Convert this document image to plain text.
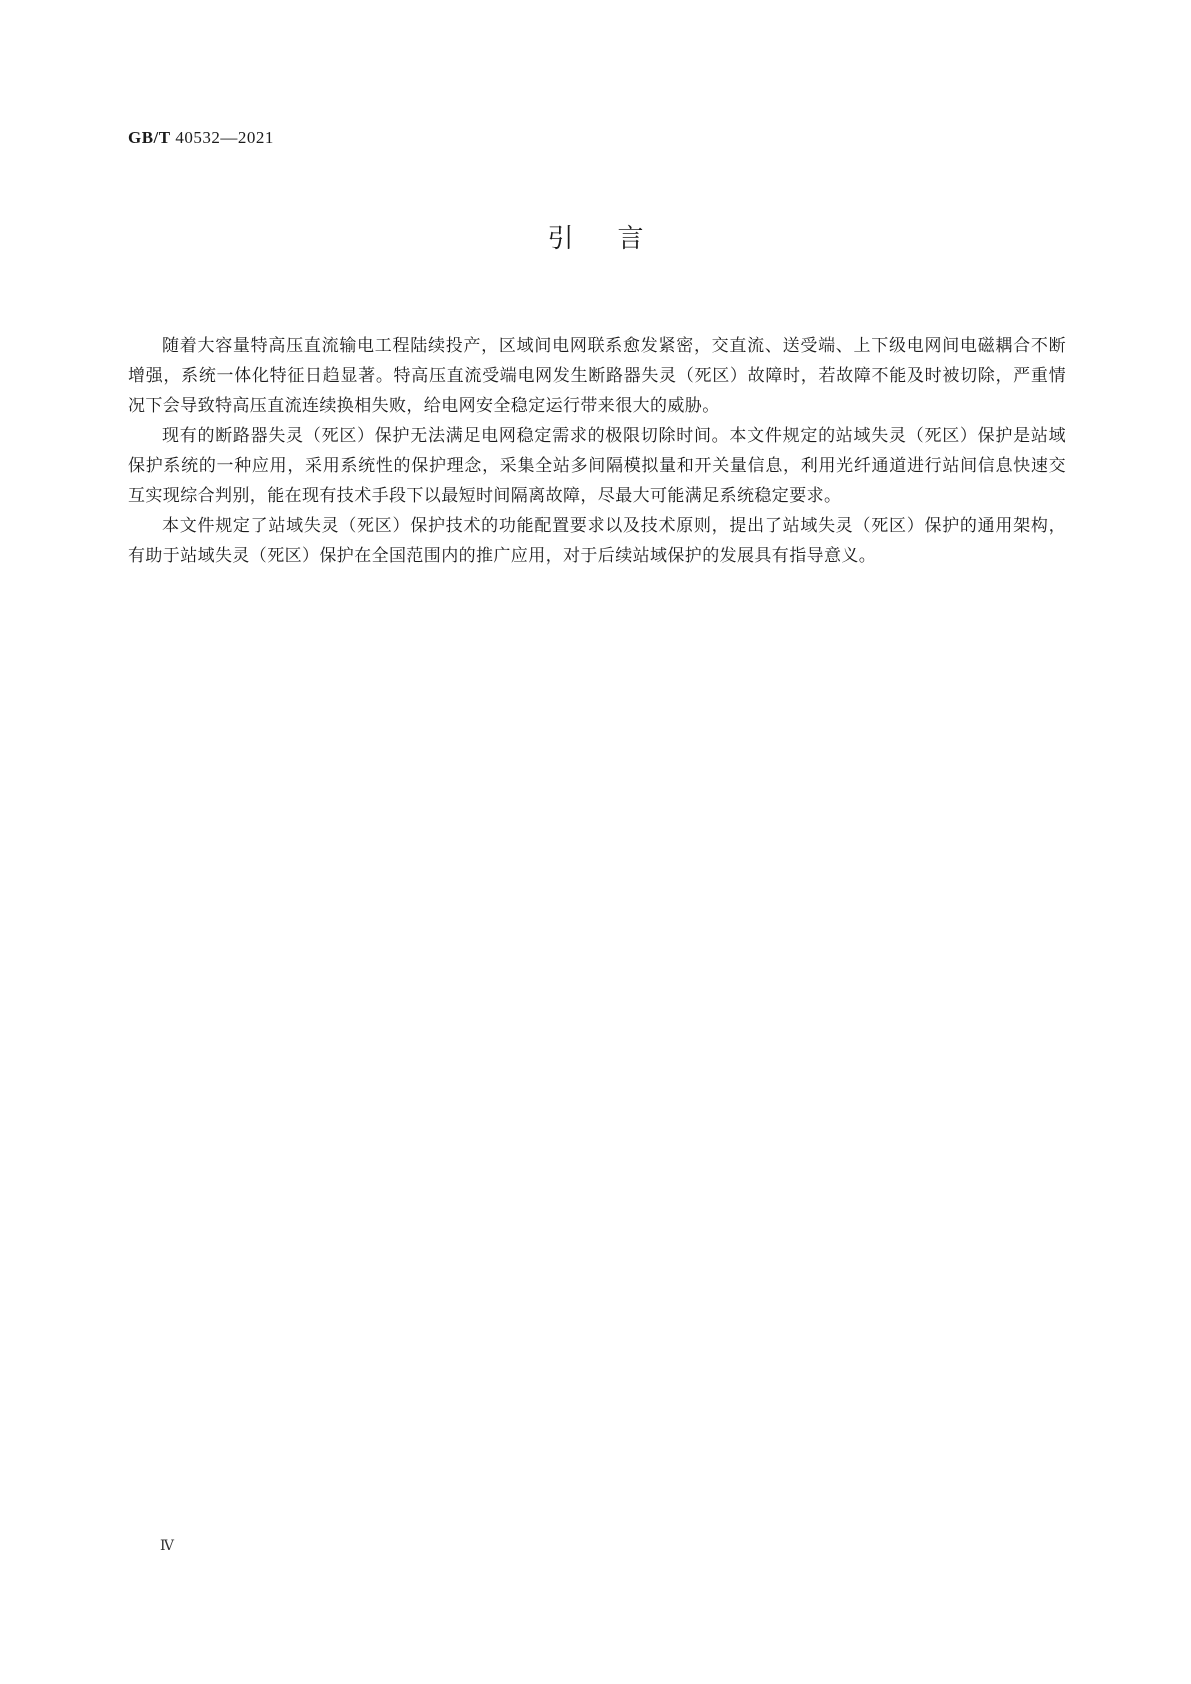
GB/T 40532—2021
引言

随着大容量特高压直流输电工程陆续投产，区域间电网联系愈发紧密，交直流、送受端、上下级电网间电磁耦合不断增强，系统一体化特征日趋显著。特高压直流受端电网发生断路器失灵（死区）故障时，若故障不能及时被切除，严重情况下会导致特高压直流连续换相失败，给电网安全稳定运行带来很大的威胁。

现有的断路器失灵（死区）保护无法满足电网稳定需求的极限切除时间。本文件规定的站域失灵（死区）保护是站域保护系统的一种应用，采用系统性的保护理念，采集全站多间隔模拟量和开关量信息，利用光纤通道进行站间信息快速交互实现综合判别，能在现有技术手段下以最短时间隔离故障，尽最大可能满足系统稳定要求。

本文件规定了站域失灵（死区）保护技术的功能配置要求以及技术原则，提出了站域失灵（死区）保护的通用架构，有助于站域失灵（死区）保护在全国范围内的推广应用，对于后续站域保护的发展具有指导意义。

Ⅳ
